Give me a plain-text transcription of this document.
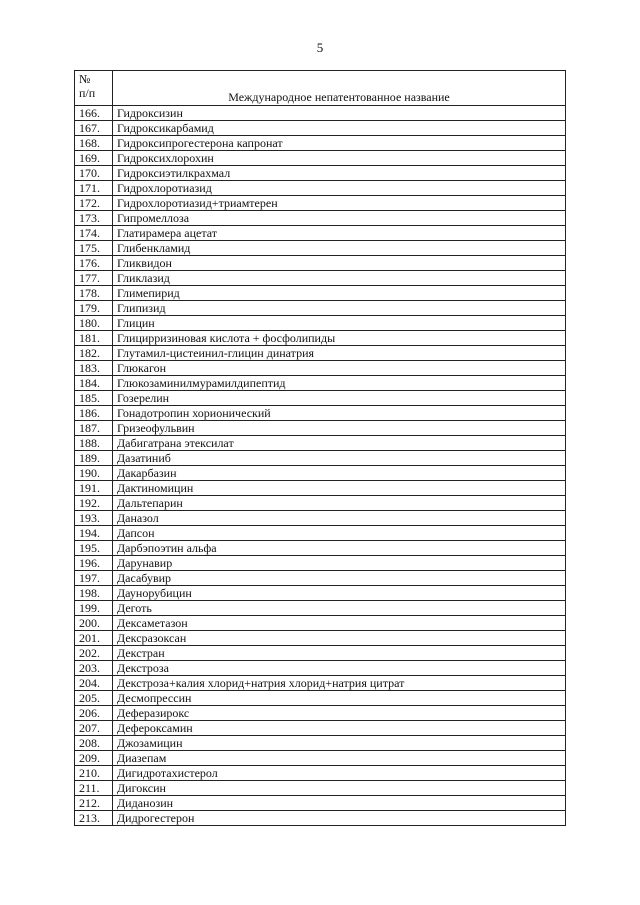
5
№
п/п	Международное непатентованное название
166.	Гидроксизин
167.	Гидроксикарбамид
168.	Гидроксипрогестерона капронат
169.	Гидроксихлорохин
170.	Гидроксиэтилкрахмал
171.	Гидрохлоротиазид
172.	Гидрохлоротиазид+триамтерен
173.	Гипромеллоза
174.	Глатирамера ацетат
175.	Глибенкламид
176.	Гликвидон
177.	Гликлазид
178.	Глимепирид
179.	Глипизид
180.	Глицин
181.	Глицирризиновая кислота + фосфолипиды
182.	Глутамил-цистеинил-глицин динатрия
183.	Глюкагон
184.	Глюкозаминилмурамилдипептид
185.	Гозерелин
186.	Гонадотропин хорионический
187.	Гризеофульвин
188.	Дабигатрана этексилат
189.	Дазатиниб
190.	Дакарбазин
191.	Дактиномицин
192.	Дальтепарин
193.	Даназол
194.	Дапсон
195.	Дарбэпоэтин альфа
196.	Дарунавир
197.	Дасабувир
198.	Даунорубицин
199.	Деготь
200.	Дексаметазон
201.	Дексразоксан
202.	Декстран
203.	Декстроза
204.	Декстроза+калия хлорид+натрия хлорид+натрия цитрат
205.	Десмопрессин
206.	Деферазирокс
207.	Дефероксамин
208.	Джозамицин
209.	Диазепам
210.	Дигидротахистерол
211.	Дигоксин
212.	Диданозин
213.	Дидрогестерон
